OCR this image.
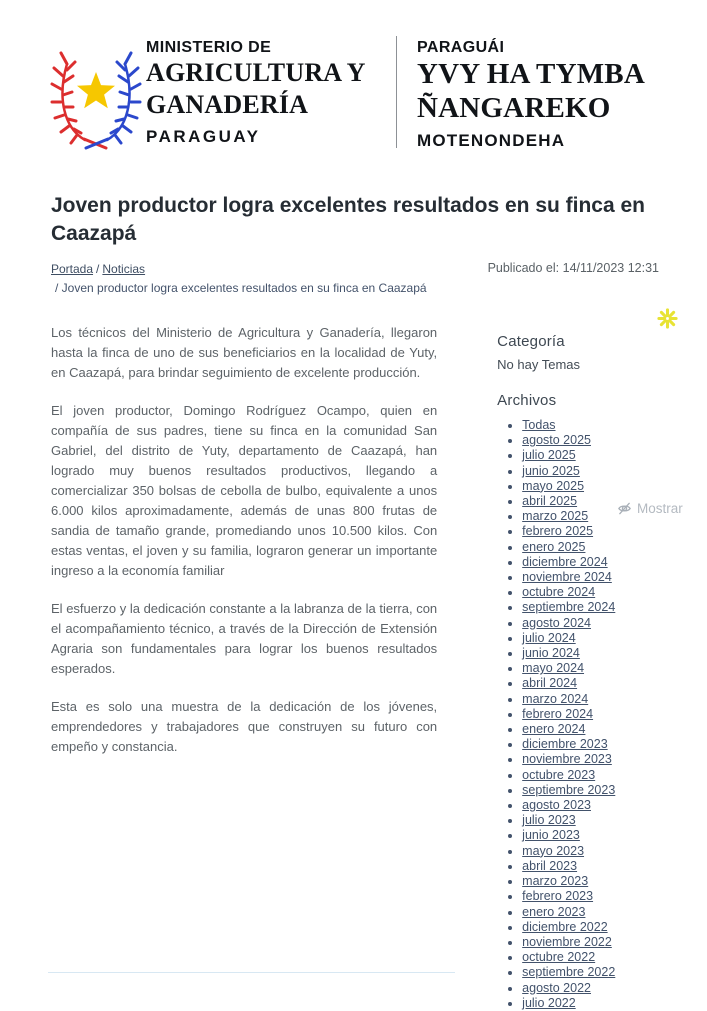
MINISTERIO DE
AGRICULTURA Y
GANADERÍA
PARAGUAY
PARAGUÁI
YVY HA TYMBA
ÑANGAREKO
MOTENONDEHA
Joven productor logra excelentes resultados en su finca en Caazapá
Portada / Noticias
/ Joven productor logra excelentes resultados en su finca en Caazapá
Publicado el: 14/11/2023 12:31

Los técnicos del Ministerio de Agricultura y Ganadería, llegaron hasta la finca de uno de sus beneficiarios en la localidad de Yuty, en Caazapá, para brindar seguimiento de excelente producción.

El joven productor, Domingo Rodríguez Ocampo, quien en compañía de sus padres, tiene su finca en la comunidad San Gabriel, del distrito de Yuty, departamento de Caazapá, han logrado muy buenos resultados productivos, llegando a comercializar 350 bolsas de cebolla de bulbo, equivalente a unos 6.000 kilos aproximadamente, además de unas 800 frutas de sandia de tamaño grande, promediando unos 10.500 kilos. Con estas ventas, el joven y su familia, lograron generar un importante ingreso a la economía familiar

El esfuerzo y la dedicación constante a la labranza de la tierra, con el acompañamiento técnico, a través de la Dirección de Extensión Agraria son fundamentales para lograr los buenos resultados esperados.

Esta es solo una muestra de la dedicación de los jóvenes, emprendedores y trabajadores que construyen su futuro con empeño y constancia.

Categoría
No hay Temas
Archivos
• Todas
• agosto 2025
• julio 2025
• junio 2025
• mayo 2025
• abril 2025
• marzo 2025
• febrero 2025
• enero 2025
• diciembre 2024
• noviembre 2024
• octubre 2024
• septiembre 2024
• agosto 2024
• julio 2024
• junio 2024
• mayo 2024
• abril 2024
• marzo 2024
• febrero 2024
• enero 2024
• diciembre 2023
• noviembre 2023
• octubre 2023
• septiembre 2023
• agosto 2023
• julio 2023
• junio 2023
• mayo 2023
• abril 2023
• marzo 2023
• febrero 2023
• enero 2023
• diciembre 2022
• noviembre 2022
• octubre 2022
• septiembre 2022
• agosto 2022
• julio 2022
Mostrar
